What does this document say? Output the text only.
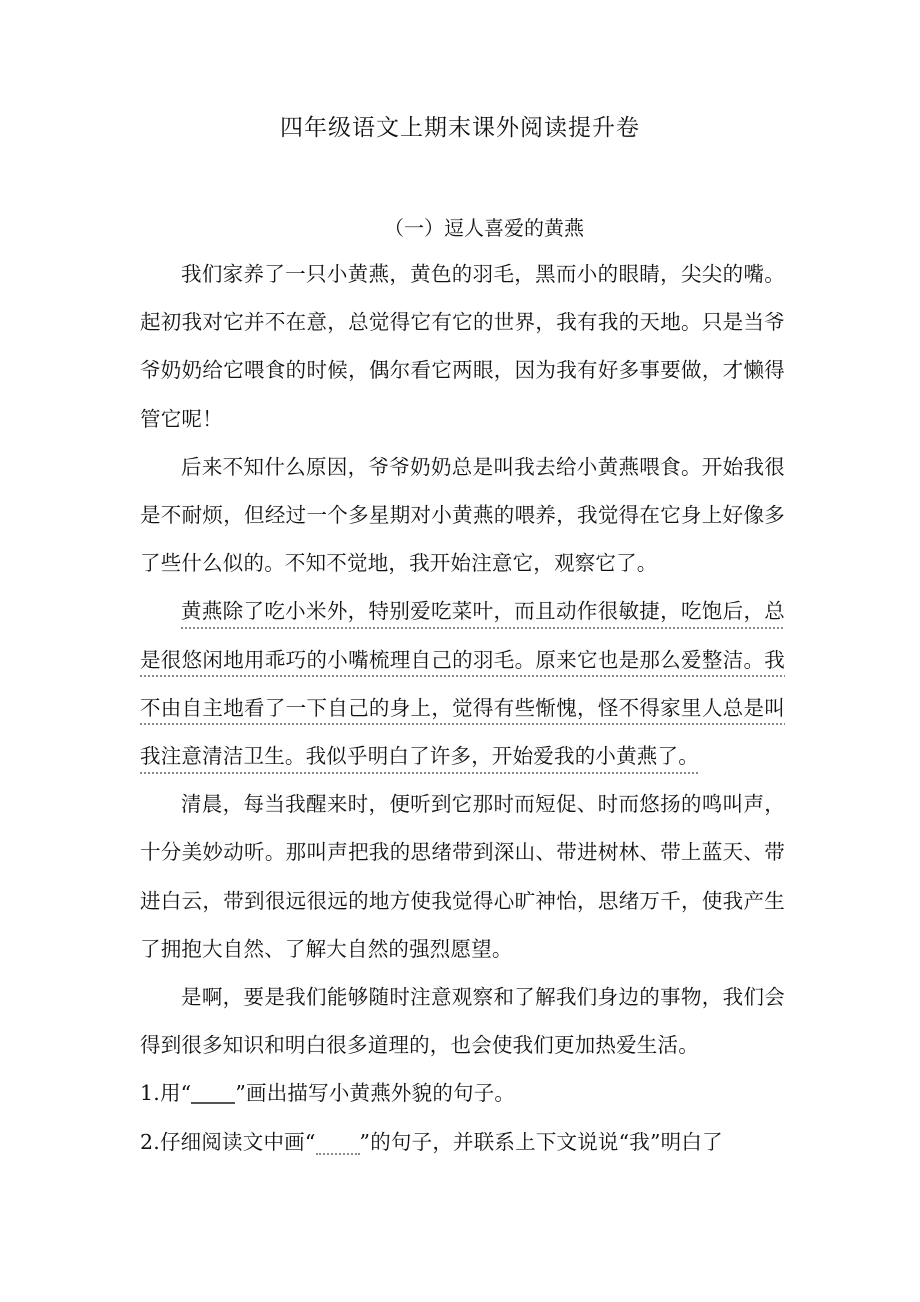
四年级语文上期末课外阅读提升卷
（一）逗人喜爱的黄燕

我们家养了一只小黄燕，黄色的羽毛，黑而小的眼睛，尖尖的嘴。起初我对它并不在意，总觉得它有它的世界，我有我的天地。只是当爷爷奶奶给它喂食的时候，偶尔看它两眼，因为我有好多事要做，才懒得管它呢！

后来不知什么原因，爷爷奶奶总是叫我去给小黄燕喂食。开始我很是不耐烦，但经过一个多星期对小黄燕的喂养，我觉得在它身上好像多了些什么似的。不知不觉地，我开始注意它，观察它了。

黄燕除了吃小米外，特别爱吃菜叶，而且动作很敏捷，吃饱后，总是很悠闲地用乖巧的小嘴梳理自己的羽毛。原来它也是那么爱整洁。我不由自主地看了一下自己的身上，觉得有些惭愧，怪不得家里人总是叫我注意清洁卫生。我似乎明白了许多，开始爱我的小黄燕了。

清晨，每当我醒来时，便听到它那时而短促、时而悠扬的鸣叫声，十分美妙动听。那叫声把我的思绪带到深山、带进树林、带上蓝天、带进白云，带到很远很远的地方使我觉得心旷神怡，思绪万千，使我产生了拥抱大自然、了解大自然的强烈愿望。

是啊，要是我们能够随时注意观察和了解我们身边的事物，我们会得到很多知识和明白很多道理的，也会使我们更加热爱生活。

1.用“ ”画出描写小黄燕外貌的句子。

2.仔细阅读文中画“ ”的句子，并联系上下文说说“我”明白了
